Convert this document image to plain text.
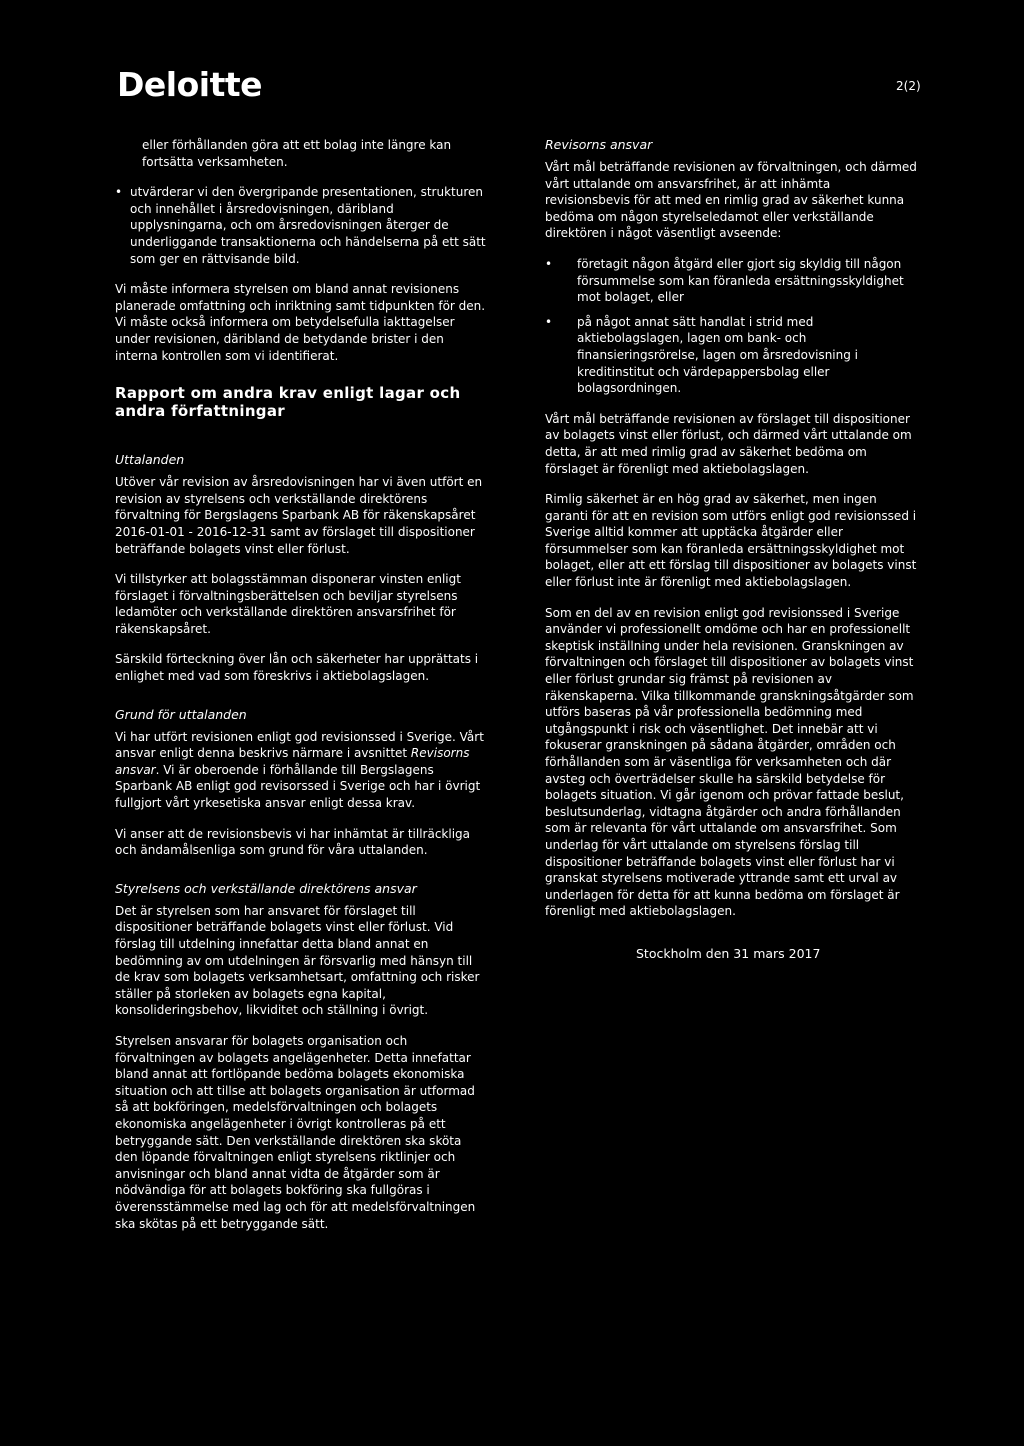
Deloitte	2(2)

eller förhållanden göra att ett bolag inte längre kan fortsätta verksamheten.

• utvärderar vi den övergripande presentationen, strukturen och innehållet i årsredovisningen, däribland upplysningarna, och om årsredovisningen återger de underliggande transaktionerna och händelserna på ett sätt som ger en rättvisande bild.

Vi måste informera styrelsen om bland annat revisionens planerade omfattning och inriktning samt tidpunkten för den. Vi måste också informera om betydelsefulla iakttagelser under revisionen, däribland de betydande brister i den interna kontrollen som vi identifierat.

Rapport om andra krav enligt lagar och andra författningar
Uttalanden

Utöver vår revision av årsredovisningen har vi även utfört en revision av styrelsens och verkställande direktörens förvaltning för Bergslagens Sparbank AB för räkenskapsåret 2016-01-01 - 2016-12-31 samt av förslaget till dispositioner beträffande bolagets vinst eller förlust.

Vi tillstyrker att bolagsstämman disponerar vinsten enligt förslaget i förvaltningsberättelsen och beviljar styrelsens ledamöter och verkställande direktören ansvarsfrihet för räkenskapsåret.

Särskild förteckning över lån och säkerheter har upprättats i enlighet med vad som föreskrivs i aktiebolagslagen.

Grund för uttalanden

Vi har utfört revisionen enligt god revisionssed i Sverige. Vårt ansvar enligt denna beskrivs närmare i avsnittet Revisorns ansvar. Vi är oberoende i förhållande till Bergslagens Sparbank AB enligt god revisorssed i Sverige och har i övrigt fullgjort vårt yrkesetiska ansvar enligt dessa krav.

Vi anser att de revisionsbevis vi har inhämtat är tillräckliga och ändamålsenliga som grund för våra uttalanden.

Styrelsens och verkställande direktörens ansvar

Det är styrelsen som har ansvaret för förslaget till dispositioner beträffande bolagets vinst eller förlust. Vid förslag till utdelning innefattar detta bland annat en bedömning av om utdelningen är försvarlig med hänsyn till de krav som bolagets verksamhetsart, omfattning och risker ställer på storleken av bolagets egna kapital, konsolideringsbehov, likviditet och ställning i övrigt.

Styrelsen ansvarar för bolagets organisation och förvaltningen av bolagets angelägenheter. Detta innefattar bland annat att fortlöpande bedöma bolagets ekonomiska situation och att tillse att bolagets organisation är utformad så att bokföringen, medelsförvaltningen och bolagets ekonomiska angelägenheter i övrigt kontrolleras på ett betryggande sätt. Den verkställande direktören ska sköta den löpande förvaltningen enligt styrelsens riktlinjer och anvisningar och bland annat vidta de åtgärder som är nödvändiga för att bolagets bokföring ska fullgöras i överensstämmelse med lag och för att medelsförvaltningen ska skötas på ett betryggande sätt.

Revisorns ansvar

Vårt mål beträffande revisionen av förvaltningen, och därmed vårt uttalande om ansvarsfrihet, är att inhämta revisionsbevis för att med en rimlig grad av säkerhet kunna bedöma om någon styrelseledamot eller verkställande direktören i något väsentligt avseende:

• företagit någon åtgärd eller gjort sig skyldig till någon försummelse som kan föranleda ersättningsskyldighet mot bolaget, eller
• på något annat sätt handlat i strid med aktiebolagslagen, lagen om bank- och finansieringsrörelse, lagen om årsredovisning i kreditinstitut och värdepappersbolag eller bolagsordningen.

Vårt mål beträffande revisionen av förslaget till dispositioner av bolagets vinst eller förlust, och därmed vårt uttalande om detta, är att med rimlig grad av säkerhet bedöma om förslaget är förenligt med aktiebolagslagen.

Rimlig säkerhet är en hög grad av säkerhet, men ingen garanti för att en revision som utförs enligt god revisionssed i Sverige alltid kommer att upptäcka åtgärder eller försummelser som kan föranleda ersättningsskyldighet mot bolaget, eller att ett förslag till dispositioner av bolagets vinst eller förlust inte är förenligt med aktiebolagslagen.

Som en del av en revision enligt god revisionssed i Sverige använder vi professionellt omdöme och har en professionellt skeptisk inställning under hela revisionen. Granskningen av förvaltningen och förslaget till dispositioner av bolagets vinst eller förlust grundar sig främst på revisionen av räkenskaperna. Vilka tillkommande granskningsåtgärder som utförs baseras på vår professionella bedömning med utgångspunkt i risk och väsentlighet. Det innebär att vi fokuserar granskningen på sådana åtgärder, områden och förhållanden som är väsentliga för verksamheten och där avsteg och överträdelser skulle ha särskild betydelse för bolagets situation. Vi går igenom och prövar fattade beslut, beslutsunderlag, vidtagna åtgärder och andra förhållanden som är relevanta för vårt uttalande om ansvarsfrihet. Som underlag för vårt uttalande om styrelsens förslag till dispositioner beträffande bolagets vinst eller förlust har vi granskat styrelsens motiverade yttrande samt ett urval av underlagen för detta för att kunna bedöma om förslaget är förenligt med aktiebolagslagen.

Stockholm den 31 mars 2017
